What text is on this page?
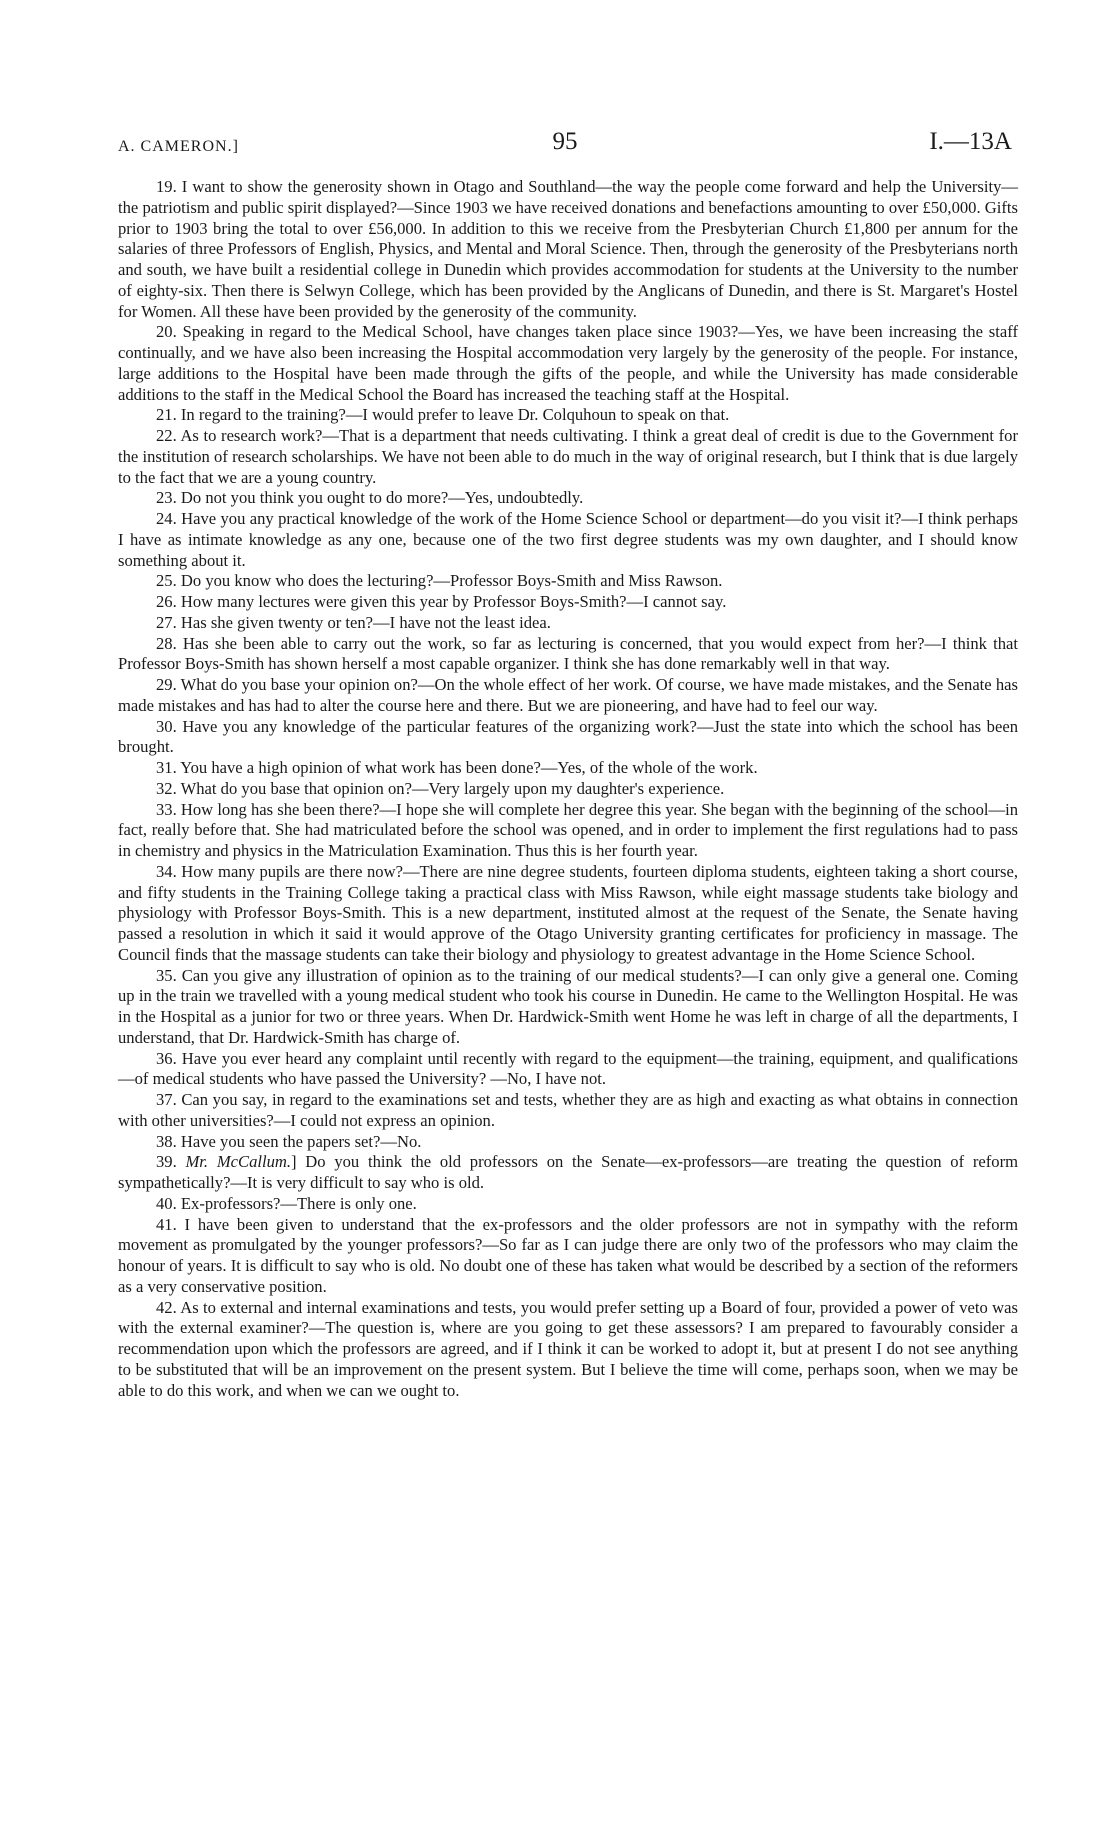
A. CAMERON.]	95	I.—13A

19. I want to show the generosity shown in Otago and Southland—the way the people come forward and help the University—the patriotism and public spirit displayed?—Since 1903 we have received donations and benefactions amounting to over £50,000. Gifts prior to 1903 bring the total to over £56,000. In addition to this we receive from the Presbyterian Church £1,800 per annum for the salaries of three Professors of English, Physics, and Mental and Moral Science. Then, through the generosity of the Presbyterians north and south, we have built a residential college in Dunedin which provides accommodation for students at the University to the number of eighty-six. Then there is Selwyn College, which has been provided by the Anglicans of Dunedin, and there is St. Margaret's Hostel for Women. All these have been provided by the generosity of the community.

20. Speaking in regard to the Medical School, have changes taken place since 1903?—Yes, we have been increasing the staff continually, and we have also been increasing the Hospital accommodation very largely by the generosity of the people. For instance, large additions to the Hospital have been made through the gifts of the people, and while the University has made considerable additions to the staff in the Medical School the Board has increased the teaching staff at the Hospital.

21. In regard to the training?—I would prefer to leave Dr. Colquhoun to speak on that.

22. As to research work?—That is a department that needs cultivating. I think a great deal of credit is due to the Government for the institution of research scholarships. We have not been able to do much in the way of original research, but I think that is due largely to the fact that we are a young country.

23. Do not you think you ought to do more?—Yes, undoubtedly.

24. Have you any practical knowledge of the work of the Home Science School or department—do you visit it?—I think perhaps I have as intimate knowledge as any one, because one of the two first degree students was my own daughter, and I should know something about it.

25. Do you know who does the lecturing?—Professor Boys-Smith and Miss Rawson.

26. How many lectures were given this year by Professor Boys-Smith?—I cannot say.

27. Has she given twenty or ten?—I have not the least idea.

28. Has she been able to carry out the work, so far as lecturing is concerned, that you would expect from her?—I think that Professor Boys-Smith has shown herself a most capable organizer. I think she has done remarkably well in that way.

29. What do you base your opinion on?—On the whole effect of her work. Of course, we have made mistakes, and the Senate has made mistakes and has had to alter the course here and there. But we are pioneering, and have had to feel our way.

30. Have you any knowledge of the particular features of the organizing work?—Just the state into which the school has been brought.

31. You have a high opinion of what work has been done?—Yes, of the whole of the work.

32. What do you base that opinion on?—Very largely upon my daughter's experience.

33. How long has she been there?—I hope she will complete her degree this year. She began with the beginning of the school—in fact, really before that. She had matriculated before the school was opened, and in order to implement the first regulations had to pass in chemistry and physics in the Matriculation Examination. Thus this is her fourth year.

34. How many pupils are there now?—There are nine degree students, fourteen diploma students, eighteen taking a short course, and fifty students in the Training College taking a practical class with Miss Rawson, while eight massage students take biology and physiology with Professor Boys-Smith. This is a new department, instituted almost at the request of the Senate, the Senate having passed a resolution in which it said it would approve of the Otago University granting certificates for proficiency in massage. The Council finds that the massage students can take their biology and physiology to greatest advantage in the Home Science School.

35. Can you give any illustration of opinion as to the training of our medical students?—I can only give a general one. Coming up in the train we travelled with a young medical student who took his course in Dunedin. He came to the Wellington Hospital. He was in the Hospital as a junior for two or three years. When Dr. Hardwick-Smith went Home he was left in charge of all the departments, I understand, that Dr. Hardwick-Smith has charge of.

36. Have you ever heard any complaint until recently with regard to the equipment—the training, equipment, and qualifications—of medical students who have passed the University? —No, I have not.

37. Can you say, in regard to the examinations set and tests, whether they are as high and exacting as what obtains in connection with other universities?—I could not express an opinion.

38. Have you seen the papers set?—No.

39. Mr. McCallum.] Do you think the old professors on the Senate—ex-professors—are treating the question of reform sympathetically?—It is very difficult to say who is old.

40. Ex-professors?—There is only one.

41. I have been given to understand that the ex-professors and the older professors are not in sympathy with the reform movement as promulgated by the younger professors?—So far as I can judge there are only two of the professors who may claim the honour of years. It is difficult to say who is old. No doubt one of these has taken what would be described by a section of the reformers as a very conservative position.

42. As to external and internal examinations and tests, you would prefer setting up a Board of four, provided a power of veto was with the external examiner?—The question is, where are you going to get these assessors? I am prepared to favourably consider a recommendation upon which the professors are agreed, and if I think it can be worked to adopt it, but at present I do not see anything to be substituted that will be an improvement on the present system. But I believe the time will come, perhaps soon, when we may be able to do this work, and when we can we ought to.
